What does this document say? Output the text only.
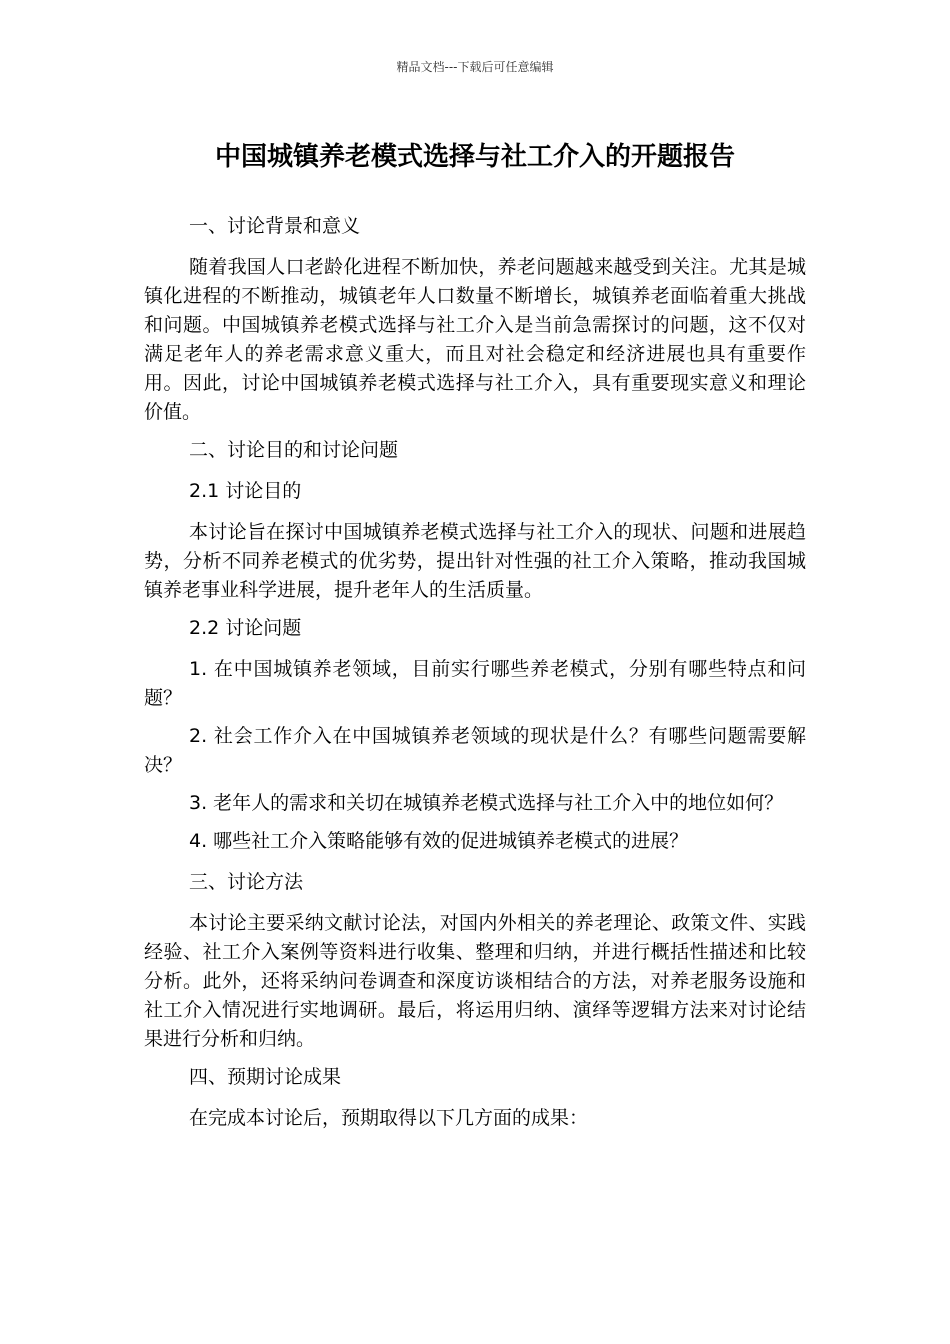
精品文档---下载后可任意编辑
中国城镇养老模式选择与社工介入的开题报告

一、讨论背景和意义

随着我国人口老龄化进程不断加快，养老问题越来越受到关注。尤其是城镇化进程的不断推动，城镇老年人口数量不断增长，城镇养老面临着重大挑战和问题。中国城镇养老模式选择与社工介入是当前急需探讨的问题，这不仅对满足老年人的养老需求意义重大，而且对社会稳定和经济进展也具有重要作用。因此，讨论中国城镇养老模式选择与社工介入，具有重要现实意义和理论价值。

二、讨论目的和讨论问题

2.1 讨论目的

本讨论旨在探讨中国城镇养老模式选择与社工介入的现状、问题和进展趋势，分析不同养老模式的优劣势，提出针对性强的社工介入策略，推动我国城镇养老事业科学进展，提升老年人的生活质量。

2.2 讨论问题

1. 在中国城镇养老领域，目前实行哪些养老模式，分别有哪些特点和问题？

2. 社会工作介入在中国城镇养老领域的现状是什么？有哪些问题需要解决？

3. 老年人的需求和关切在城镇养老模式选择与社工介入中的地位如何？

4. 哪些社工介入策略能够有效的促进城镇养老模式的进展？

三、讨论方法

本讨论主要采纳文献讨论法，对国内外相关的养老理论、政策文件、实践经验、社工介入案例等资料进行收集、整理和归纳，并进行概括性描述和比较分析。此外，还将采纳问卷调查和深度访谈相结合的方法，对养老服务设施和社工介入情况进行实地调研。最后，将运用归纳、演绎等逻辑方法来对讨论结果进行分析和归纳。

四、预期讨论成果

在完成本讨论后，预期取得以下几方面的成果：
